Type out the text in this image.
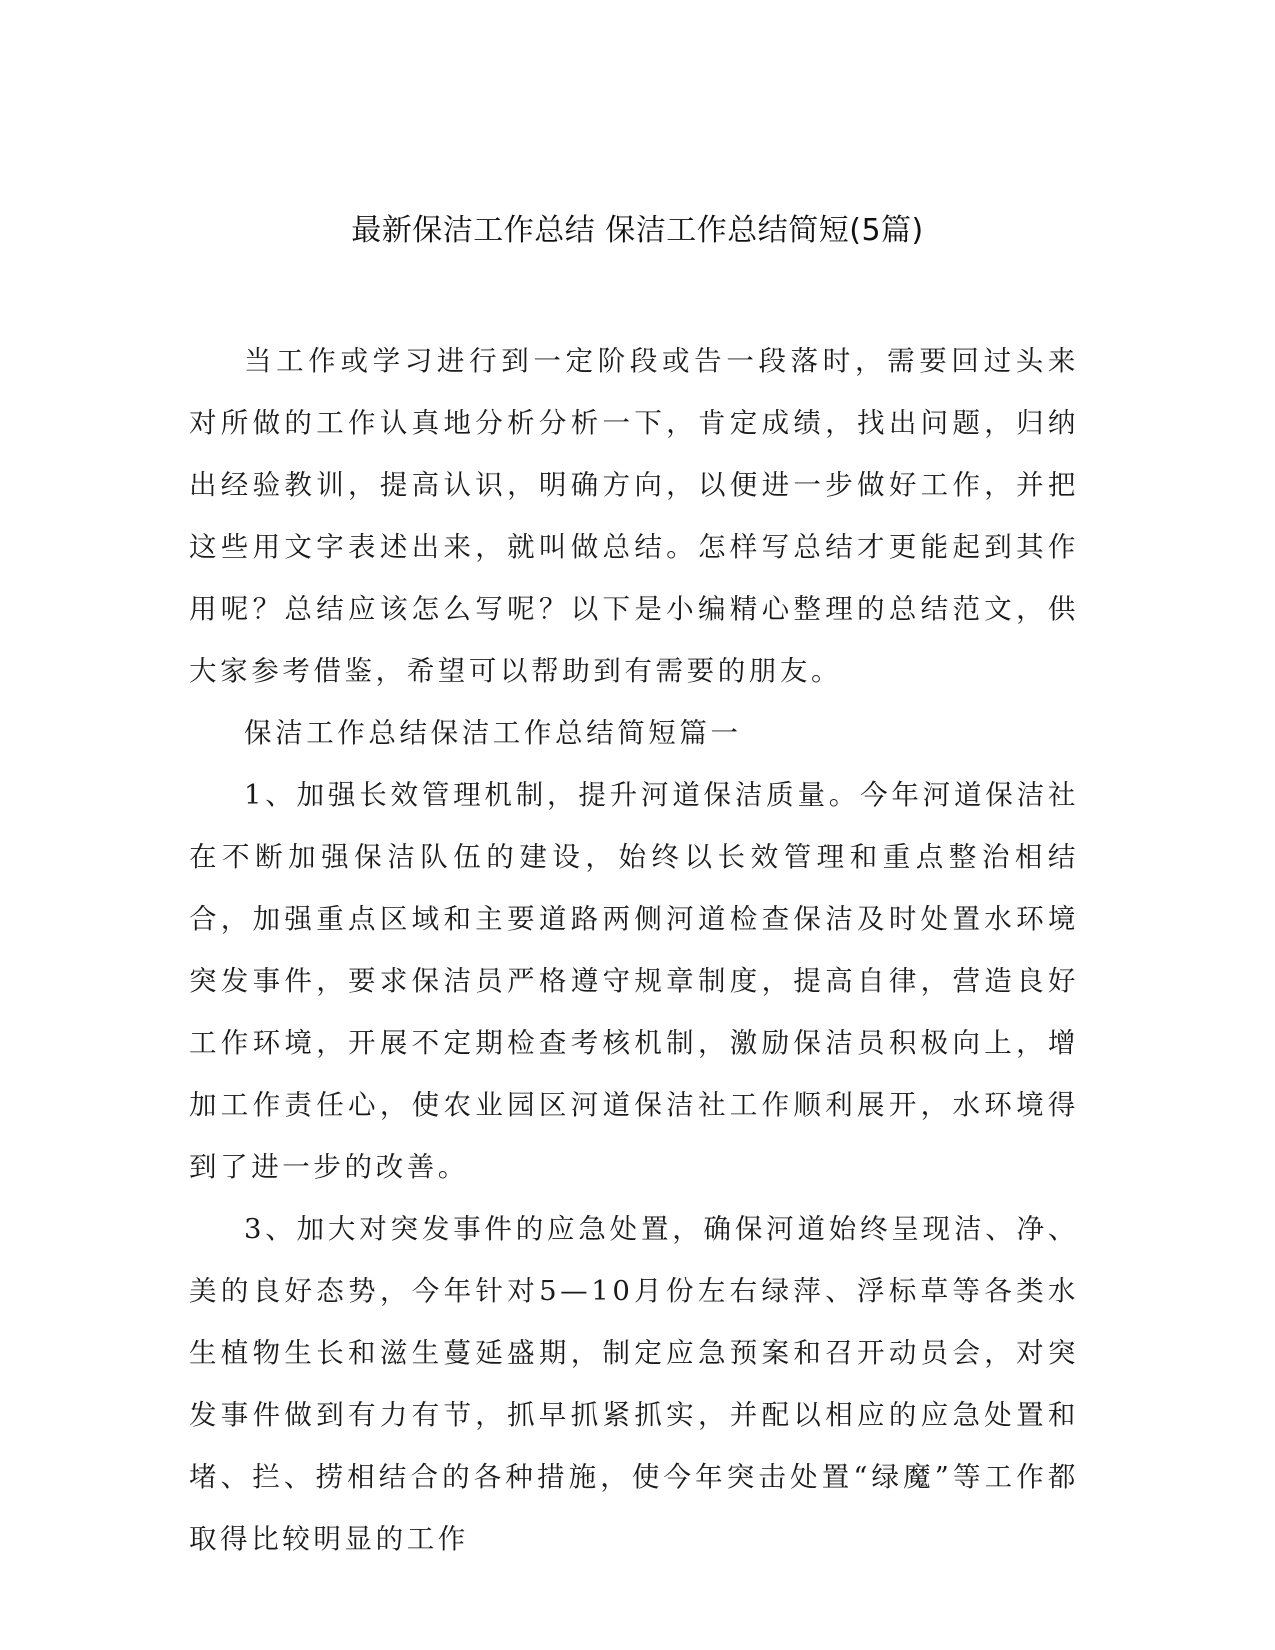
最新保洁工作总结 保洁工作总结简短(5篇)

当工作或学习进行到一定阶段或告一段落时，需要回过头来对所做的工作认真地分析分析一下，肯定成绩，找出问题，归纳出经验教训，提高认识，明确方向，以便进一步做好工作，并把这些用文字表述出来，就叫做总结。怎样写总结才更能起到其作用呢？总结应该怎么写呢？以下是小编精心整理的总结范文，供大家参考借鉴，希望可以帮助到有需要的朋友。

保洁工作总结保洁工作总结简短篇一

1、加强长效管理机制，提升河道保洁质量。今年河道保洁社在不断加强保洁队伍的建设，始终以长效管理和重点整治相结合，加强重点区域和主要道路两侧河道检查保洁及时处置水环境突发事件，要求保洁员严格遵守规章制度，提高自律，营造良好工作环境，开展不定期检查考核机制，激励保洁员积极向上，增加工作责任心，使农业园区河道保洁社工作顺利展开，水环境得到了进一步的改善。

3、加大对突发事件的应急处置，确保河道始终呈现洁、净、美的良好态势，今年针对5—10月份左右绿萍、浮标草等各类水生植物生长和滋生蔓延盛期，制定应急预案和召开动员会，对突发事件做到有力有节，抓早抓紧抓实，并配以相应的应急处置和堵、拦、捞相结合的各种措施，使今年突击处置“绿魔”等工作都取得比较明显的工作
